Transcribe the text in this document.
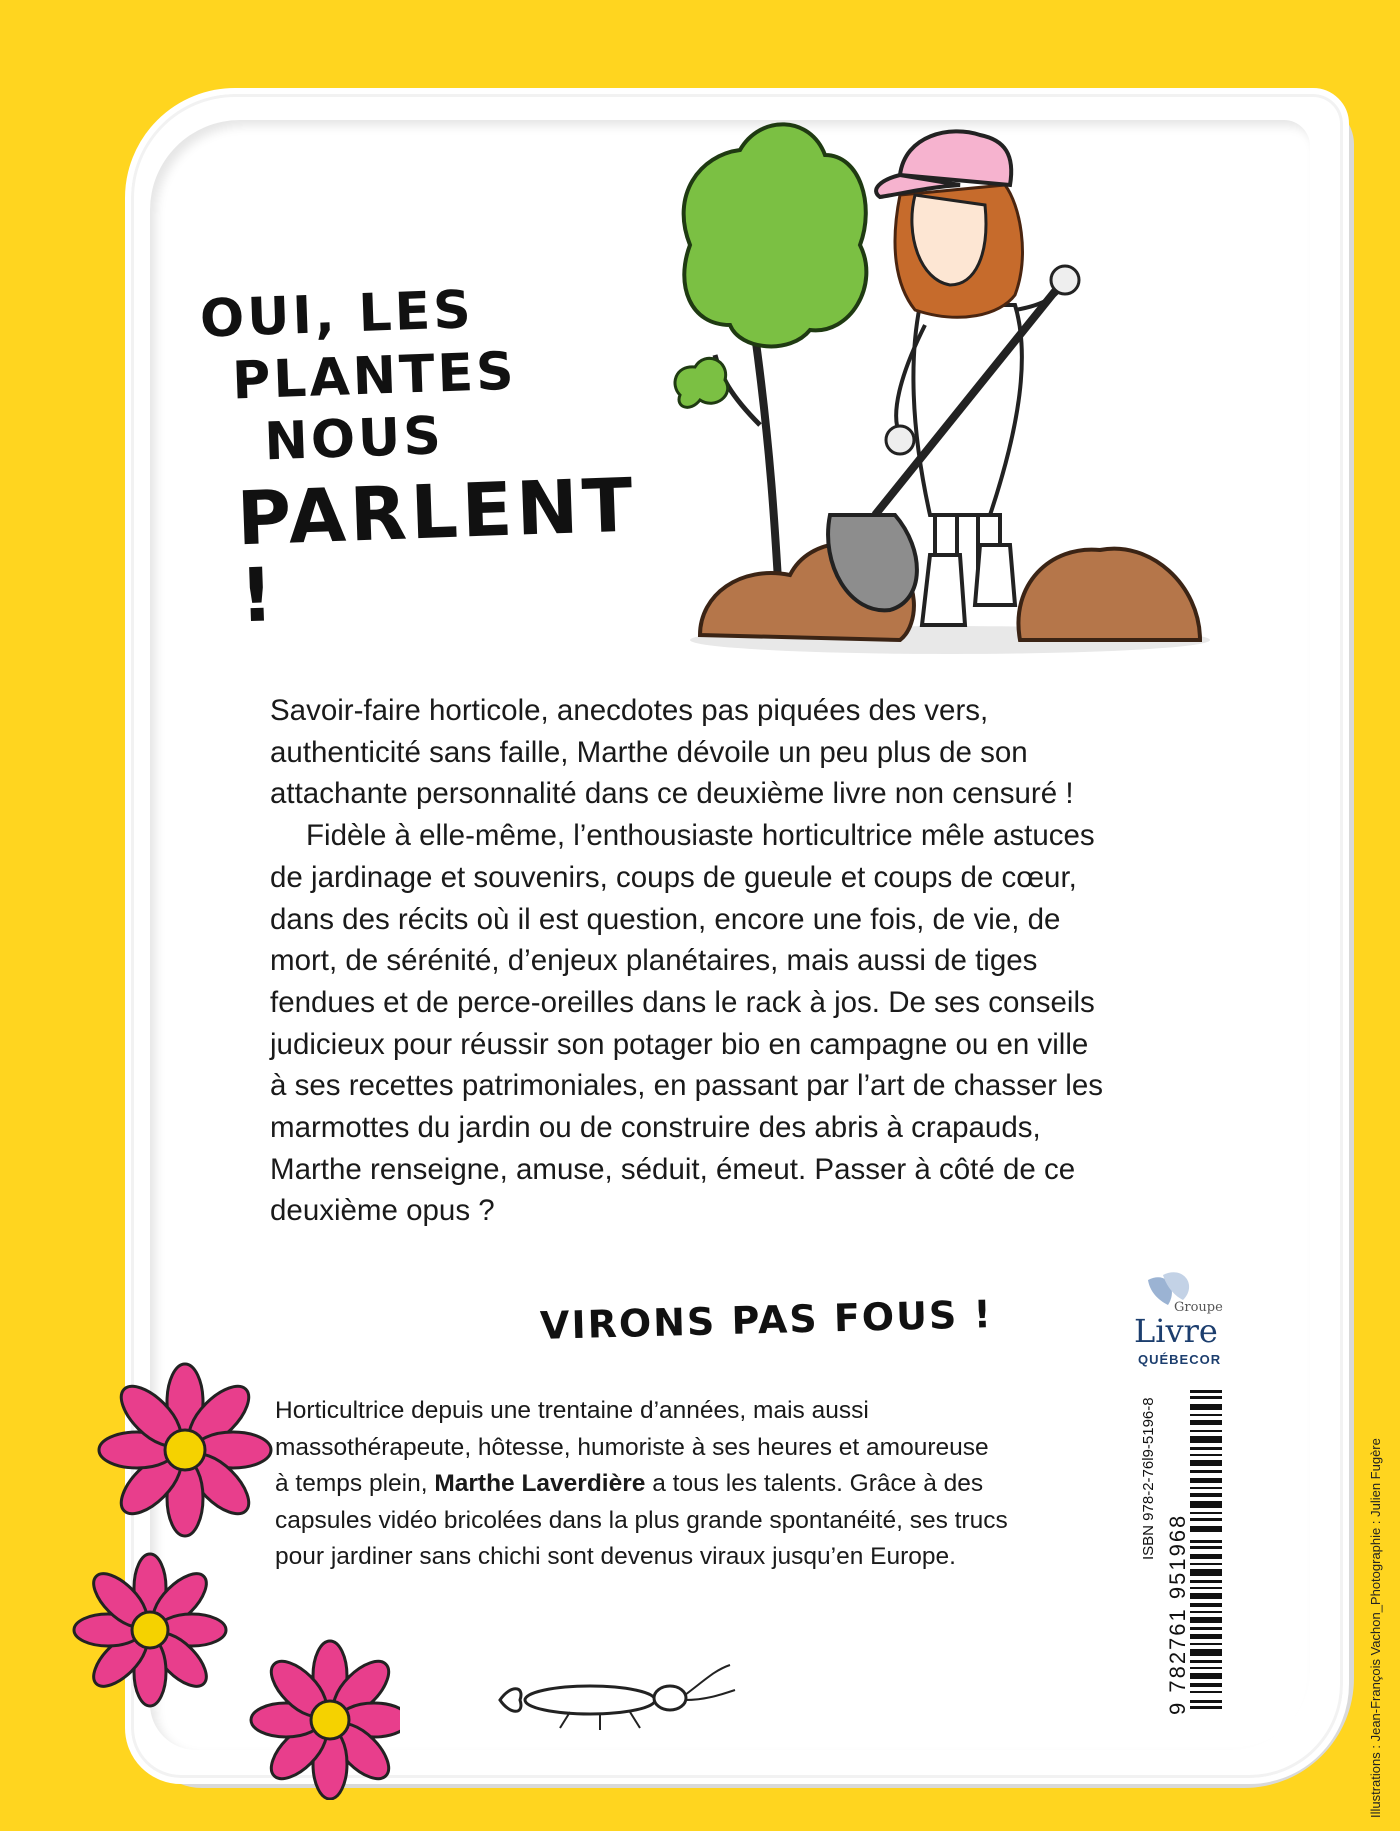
OUI, LES
PLANTES
NOUS
PARLENT !

Savoir-faire horticole, anecdotes pas piquées des vers, authenticité sans faille, Marthe dévoile un peu plus de son attachante personnalité dans ce deuxième livre non censuré !

Fidèle à elle-même, l’enthousiaste horticultrice mêle astuces de jardinage et souvenirs, coups de gueule et coups de cœur, dans des récits où il est question, encore une fois, de vie, de mort, de sérénité, d’enjeux planétaires, mais aussi de tiges fendues et de perce-oreilles dans le rack à jos. De ses conseils judicieux pour réussir son potager bio en campagne ou en ville à ses recettes patrimoniales, en passant par l’art de chasser les marmottes du jardin ou de construire des abris à crapauds, Marthe renseigne, amuse, séduit, émeut. Passer à côté de ce deuxième opus ?

VIRONS PAS FOUS !
Horticultrice depuis une trentaine d’années, mais aussi
massothérapeute, hôtesse, humoriste à ses heures et amoureuse
à temps plein, Marthe Laverdière a tous les talents. Grâce à des
capsules vidéo bricolées dans la plus grande spontanéité, ses trucs
pour jardiner sans chichi sont devenus viraux jusqu’en Europe.
Groupe
Livre
QUÉBECOR
ISBN 978-2-76l9-5196-8
9 782761 951968	Illustrations : Jean-François Vachon_Photographie : Julien Fugère
